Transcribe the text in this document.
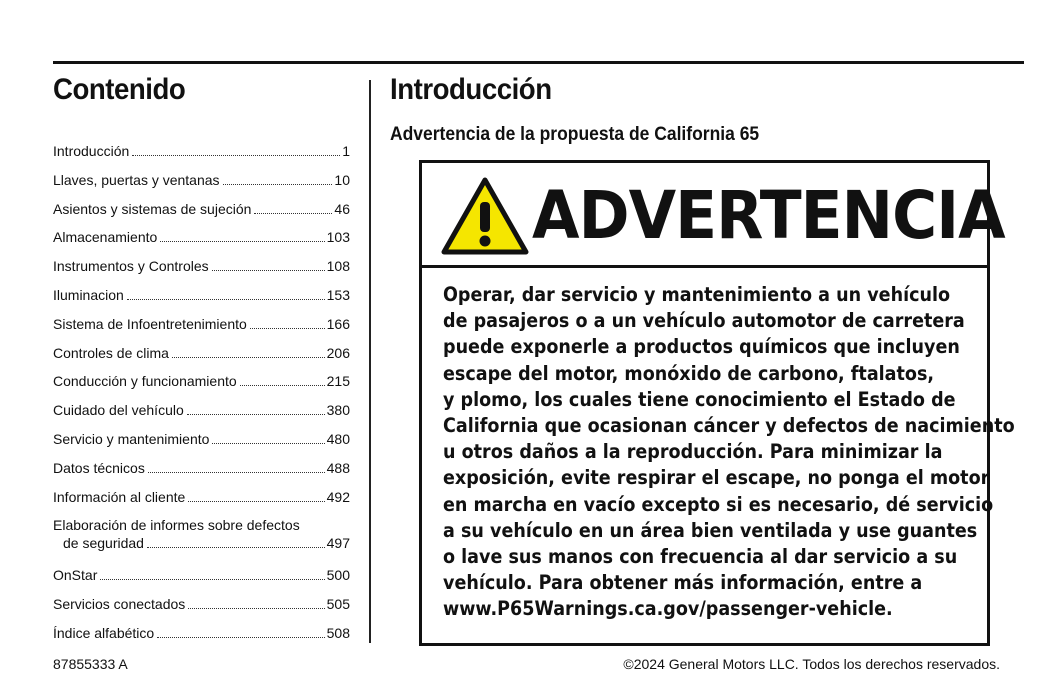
Contenido
Introducción	1
Llaves, puertas y ventanas	10
Asientos y sistemas de sujeción	46
Almacenamiento	103
Instrumentos y Controles	108
Iluminacion	153
Sistema de Infoentretenimiento	166
Controles de clima	206
Conducción y funcionamiento	215
Cuidado del vehículo	380
Servicio y mantenimiento	480
Datos técnicos	488
Información al cliente	492
Elaboración de informes sobre defectos
de seguridad	497
OnStar	500
Servicios conectados	505
Índice alfabético	508
Introducción
Advertencia de la propuesta de California 65
ADVERTENCIA
Operar, dar servicio y mantenimiento a un vehículo
de pasajeros o a un vehículo automotor de carretera
puede exponerle a productos químicos que incluyen
escape del motor, monóxido de carbono, ftalatos,
y plomo, los cuales tiene conocimiento el Estado de
California que ocasionan cáncer y defectos de nacimiento
u otros daños a la reproducción. Para minimizar la
exposición, evite respirar el escape, no ponga el motor
en marcha en vacío excepto si es necesario, dé servicio
a su vehículo en un área bien ventilada y use guantes
o lave sus manos con frecuencia al dar servicio a su
vehículo. Para obtener más información, entre a
www.P65Warnings.ca.gov/passenger-vehicle.
87855333 A	©2024 General Motors LLC. Todos los derechos reservados.
